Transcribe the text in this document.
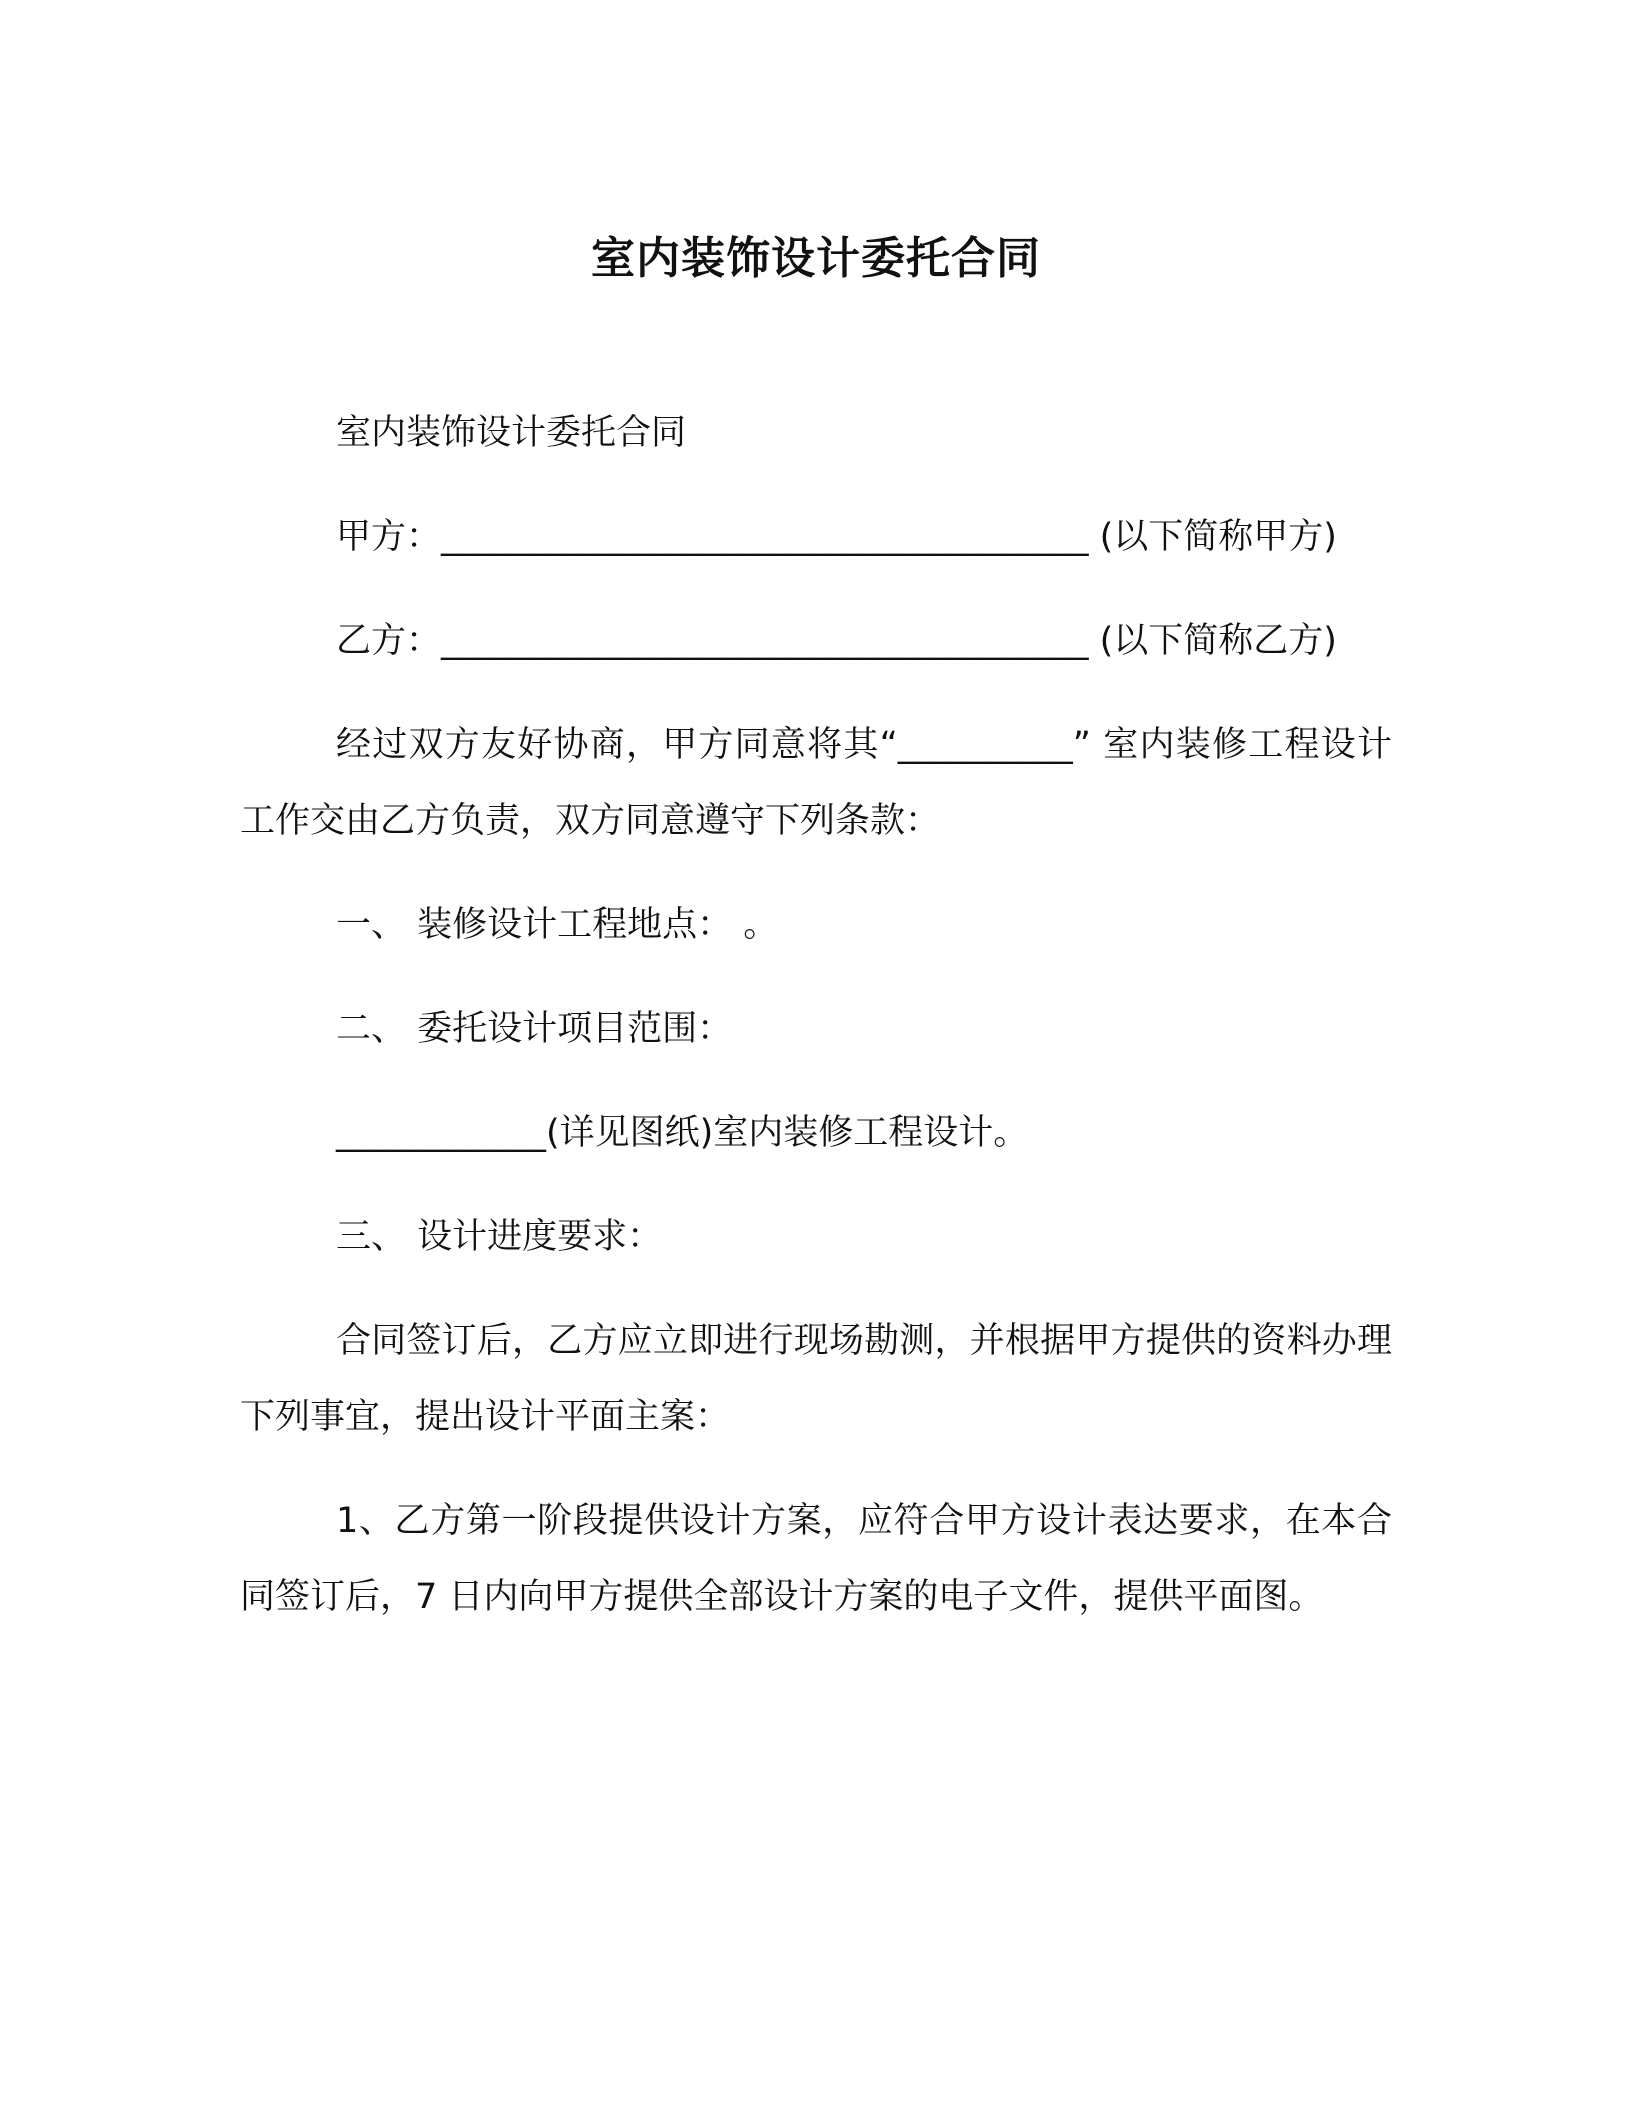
室内装饰设计委托合同

室内装饰设计委托合同

甲方：_____________________________________ (以下简称甲方)

乙方：_____________________________________ (以下简称乙方)

经过双方友好协商，甲方同意将其“__________” 室内装修工程设计工作交由乙方负责，双方同意遵守下列条款：

一、 装修设计工程地点： 。

二、 委托设计项目范围：

____________(详见图纸)室内装修工程设计。

三、 设计进度要求：

合同签订后，乙方应立即进行现场勘测，并根据甲方提供的资料办理下列事宜，提出设计平面主案：

1、乙方第一阶段提供设计方案，应符合甲方设计表达要求，在本合同签订后，7 日内向甲方提供全部设计方案的电子文件，提供平面图。
